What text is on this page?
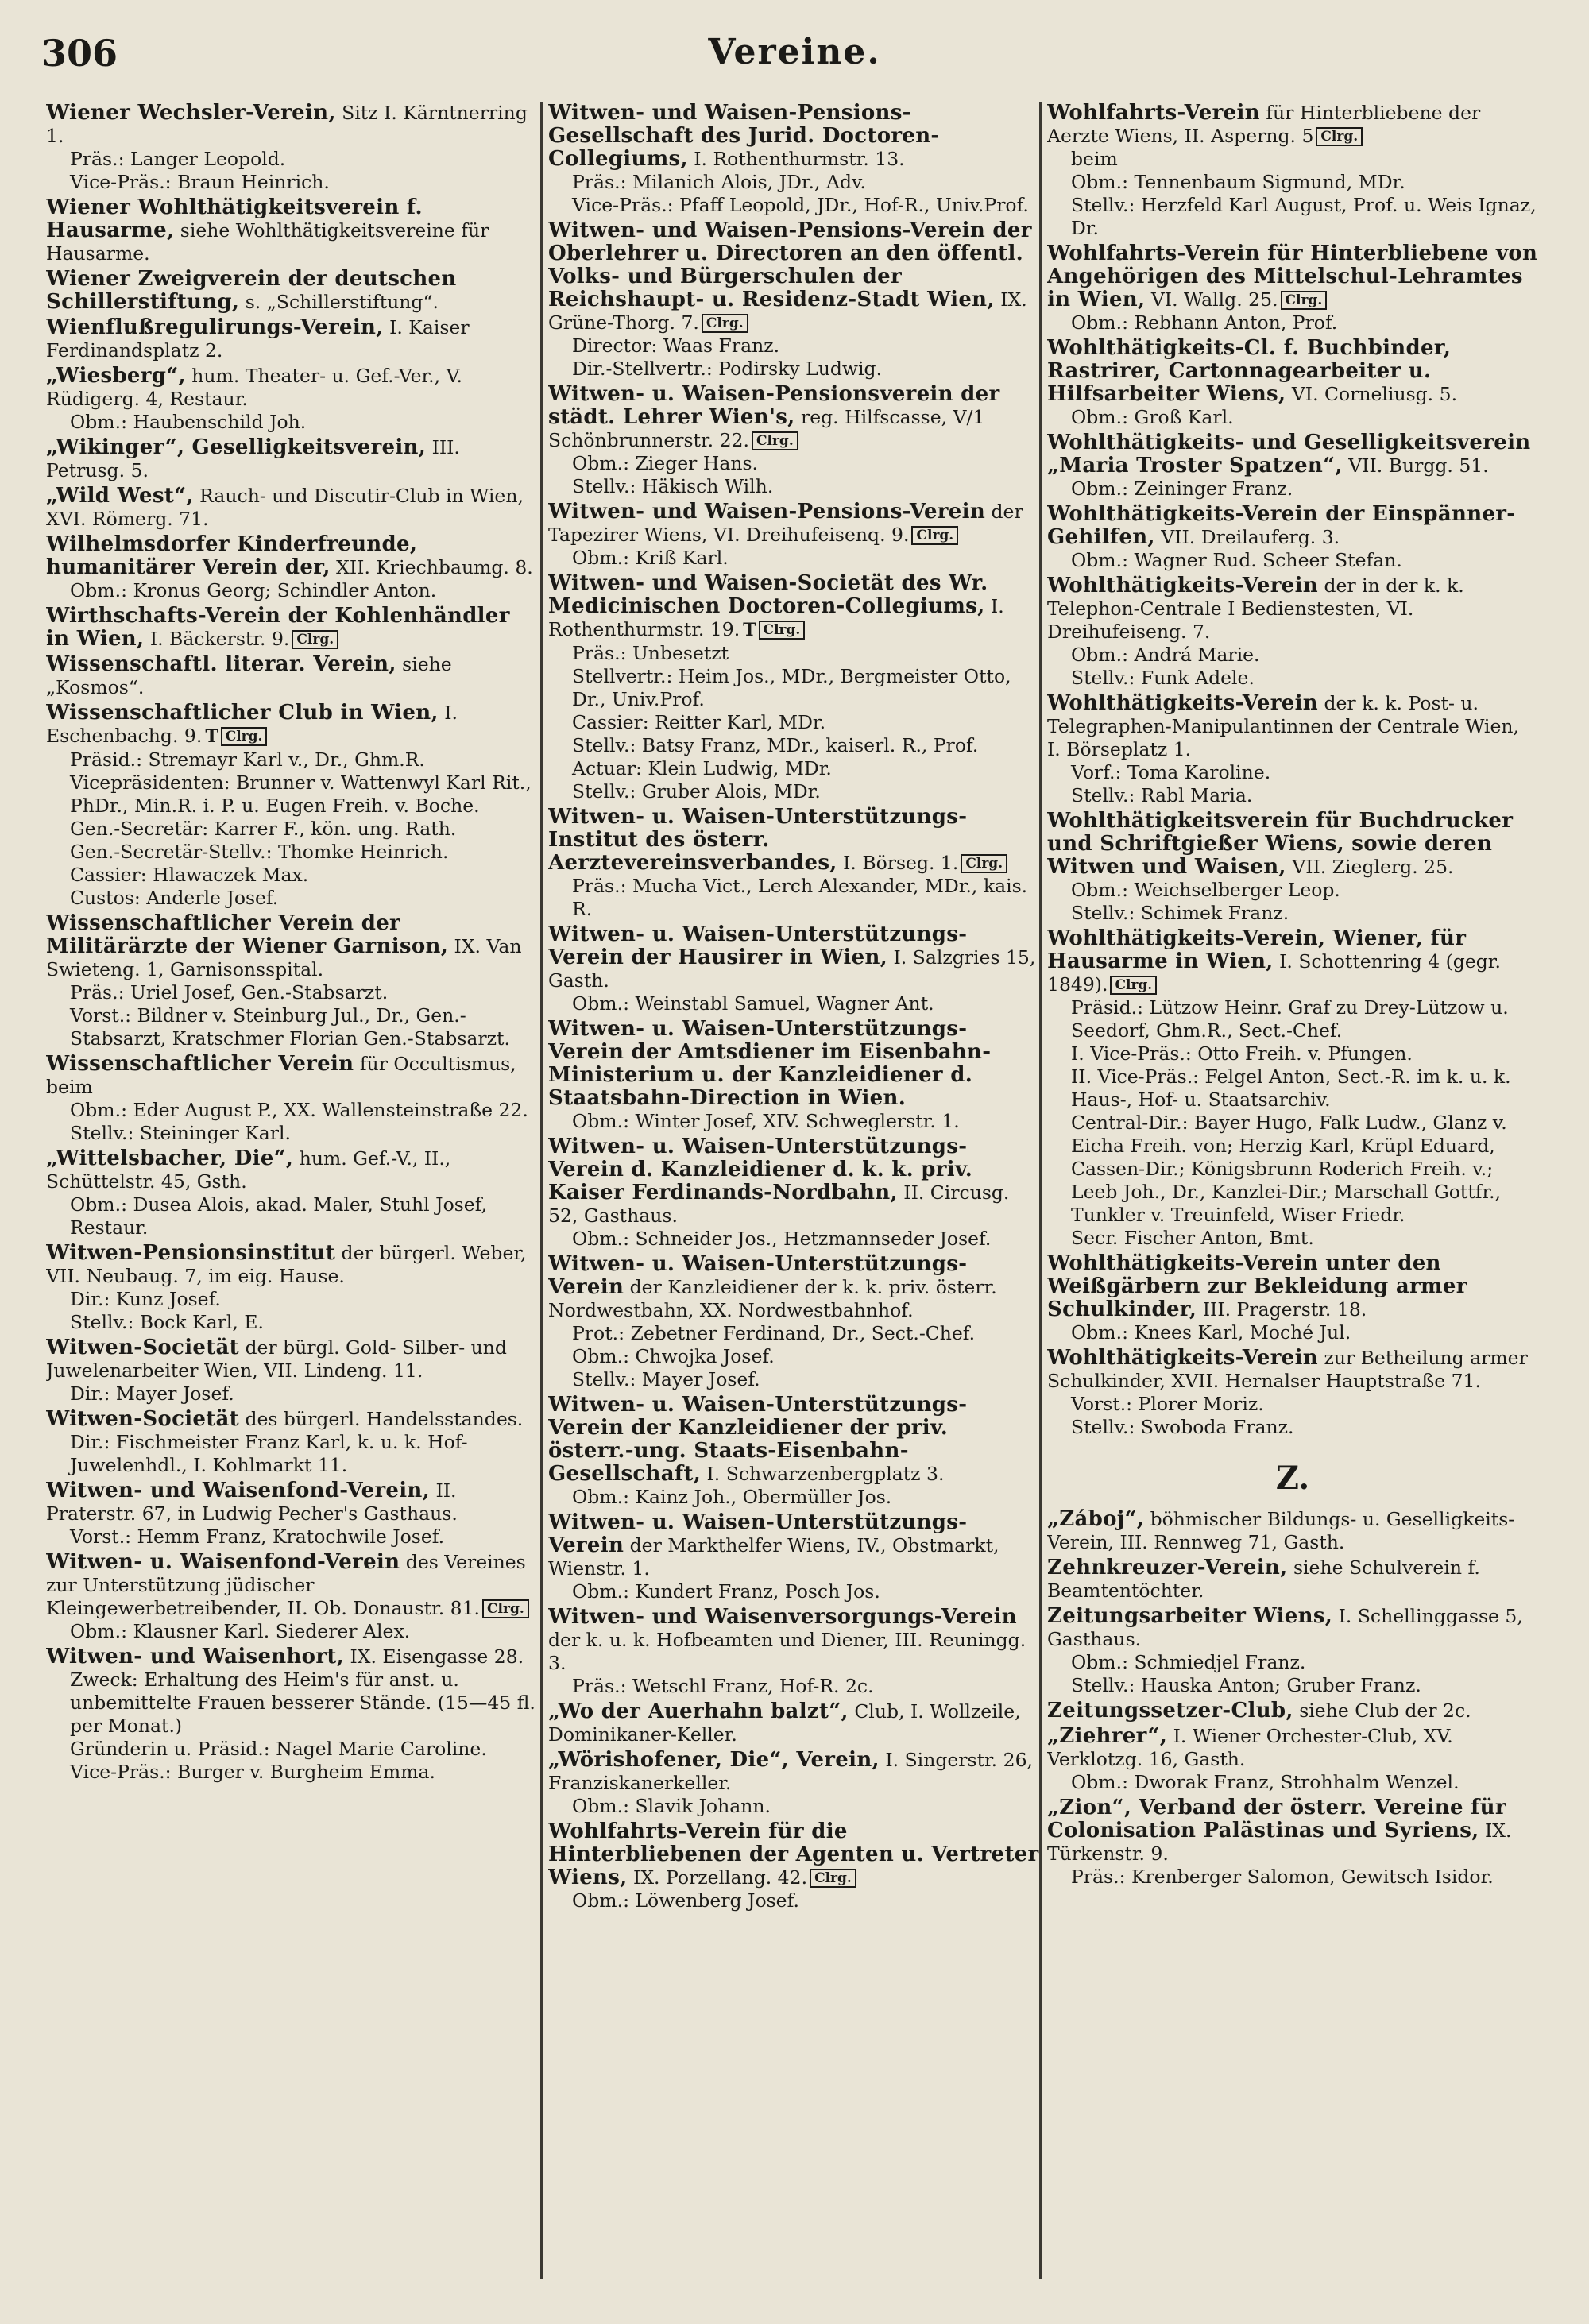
306	Vereine.

Wiener Wechsler-Verein, Sitz I. Kärntnerring 1.

Präs.: Langer Leopold.

Vice-Präs.: Braun Heinrich.

Wiener Wohlthätigkeitsverein f. Hausarme, siehe Wohlthätigkeitsvereine für Hausarme.

Wiener Zweigverein der deutschen Schillerstiftung, s. „Schillerstiftung“.

Wienflußregulirungs-Verein, I. Kaiser Ferdinandsplatz 2.

„Wiesberg“, hum. Theater- u. Gef.-Ver., V. Rüdigerg. 4, Restaur.

Obm.: Haubenschild Joh.

„Wikinger“, Geselligkeitsverein, III. Petrusg. 5.

„Wild West“, Rauch- und Discutir-Club in Wien, XVI. Römerg. 71.

Wilhelmsdorfer Kinderfreunde, humanitärer Verein der, XII. Kriechbaumg. 8.

Obm.: Kronus Georg; Schindler Anton.

Wirthschafts-Verein der Kohlenhändler in Wien, I. Bäckerstr. 9. Clrg.

Wissenschaftl. literar. Verein, siehe „Kosmos“.

Wissenschaftlicher Club in Wien, I. Eschenbachg. 9. T Clrg.

Präsid.: Stremayr Karl v., Dr., Ghm.R.

Vicepräsidenten: Brunner v. Wattenwyl Karl Rit., PhDr., Min.R. i. P. u. Eugen Freih. v. Boche.

Gen.-Secretär: Karrer F., kön. ung. Rath.

Gen.-Secretär-Stellv.: Thomke Heinrich.

Cassier: Hlawaczek Max.

Custos: Anderle Josef.

Wissenschaftlicher Verein der Militärärzte der Wiener Garnison, IX. Van Swieteng. 1, Garnisonsspital.

Präs.: Uriel Josef, Gen.-Stabsarzt.

Vorst.: Bildner v. Steinburg Jul., Dr., Gen.-Stabsarzt, Kratschmer Florian Gen.-Stabsarzt.

Wissenschaftlicher Verein für Occultismus, beim

Obm.: Eder August P., XX. Wallensteinstraße 22.

Stellv.: Steininger Karl.

„Wittelsbacher, Die“, hum. Gef.-V., II., Schüttelstr. 45, Gsth.

Obm.: Dusea Alois, akad. Maler, Stuhl Josef, Restaur.

Witwen-Pensionsinstitut der bürgerl. Weber, VII. Neubaug. 7, im eig. Hause.

Dir.: Kunz Josef.

Stellv.: Bock Karl, E.

Witwen-Societät der bürgl. Gold- Silber- und Juwelenarbeiter Wien, VII. Lindeng. 11.

Dir.: Mayer Josef.

Witwen-Societät des bürgerl. Handelsstandes.

Dir.: Fischmeister Franz Karl, k. u. k. Hof-Juwelenhdl., I. Kohlmarkt 11.

Witwen- und Waisenfond-Verein, II. Praterstr. 67, in Ludwig Pecher's Gasthaus.

Vorst.: Hemm Franz, Kratochwile Josef.

Witwen- u. Waisenfond-Verein des Vereines zur Unterstützung jüdischer Kleingewerbetreibender, II. Ob. Donaustr. 81. Clrg.

Obm.: Klausner Karl. Siederer Alex.

Witwen- und Waisenhort, IX. Eisengasse 28.

Zweck: Erhaltung des Heim's für anst. u. unbemittelte Frauen besserer Stände. (15—45 fl. per Monat.)

Gründerin u. Präsid.: Nagel Marie Caroline.

Vice-Präs.: Burger v. Burgheim Emma.

Witwen- und Waisen-Pensions-Gesellschaft des Jurid. Doctoren-Collegiums, I. Rothenthurmstr. 13.

Präs.: Milanich Alois, JDr., Adv.

Vice-Präs.: Pfaff Leopold, JDr., Hof-R., Univ.Prof.

Witwen- und Waisen-Pensions-Verein der Oberlehrer u. Directoren an den öffentl. Volks- und Bürgerschulen der Reichshaupt- u. Residenz-Stadt Wien, IX. Grüne-Thorg. 7. Clrg.

Director: Waas Franz.

Dir.-Stellvertr.: Podirsky Ludwig.

Witwen- u. Waisen-Pensionsverein der städt. Lehrer Wien's, reg. Hilfscasse, V/1 Schönbrunnerstr. 22. Clrg.

Obm.: Zieger Hans.

Stellv.: Häkisch Wilh.

Witwen- und Waisen-Pensions-Verein der Tapezirer Wiens, VI. Dreihufeisenq. 9. Clrg.

Obm.: Kriß Karl.

Witwen- und Waisen-Societät des Wr. Medicinischen Doctoren-Collegiums, I. Rothenthurmstr. 19. T Clrg.

Präs.: Unbesetzt

Stellvertr.: Heim Jos., MDr., Bergmeister Otto, Dr., Univ.Prof.

Cassier: Reitter Karl, MDr.

Stellv.: Batsy Franz, MDr., kaiserl. R., Prof.

Actuar: Klein Ludwig, MDr.

Stellv.: Gruber Alois, MDr.

Witwen- u. Waisen-Unterstützungs-Institut des österr. Aerztevereinsverbandes, I. Börseg. 1. Clrg.

Präs.: Mucha Vict., Lerch Alexander, MDr., kais. R.

Witwen- u. Waisen-Unterstützungs-Verein der Hausirer in Wien, I. Salzgries 15, Gasth.

Obm.: Weinstabl Samuel, Wagner Ant.

Witwen- u. Waisen-Unterstützungs-Verein der Amtsdiener im Eisenbahn-Ministerium u. der Kanzleidiener d. Staatsbahn-Direction in Wien.

Obm.: Winter Josef, XIV. Schweglerstr. 1.

Witwen- u. Waisen-Unterstützungs-Verein d. Kanzleidiener d. k. k. priv. Kaiser Ferdinands-Nordbahn, II. Circusg. 52, Gasthaus.

Obm.: Schneider Jos., Hetzmannseder Josef.

Witwen- u. Waisen-Unterstützungs-Verein der Kanzleidiener der k. k. priv. österr. Nordwestbahn, XX. Nordwestbahnhof.

Prot.: Zebetner Ferdinand, Dr., Sect.-Chef.

Obm.: Chwojka Josef.

Stellv.: Mayer Josef.

Witwen- u. Waisen-Unterstützungs-Verein der Kanzleidiener der priv. österr.-ung. Staats-Eisenbahn-Gesellschaft, I. Schwarzenbergplatz 3.

Obm.: Kainz Joh., Obermüller Jos.

Witwen- u. Waisen-Unterstützungs-Verein der Markthelfer Wiens, IV., Obstmarkt, Wienstr. 1.

Obm.: Kundert Franz, Posch Jos.

Witwen- und Waisenversorgungs-Verein der k. u. k. Hofbeamten und Diener, III. Reuningg. 3.

Präs.: Wetschl Franz, Hof-R. 2c.

„Wo der Auerhahn balzt“, Club, I. Wollzeile, Dominikaner-Keller.

„Wörishofener, Die“, Verein, I. Singerstr. 26, Franziskanerkeller.

Obm.: Slavik Johann.

Wohlfahrts-Verein für die Hinterbliebenen der Agenten u. Vertreter Wiens, IX. Porzellang. 42. Clrg.

Obm.: Löwenberg Josef.

Wohlfahrts-Verein für Hinterbliebene der Aerzte Wiens, II. Asperng. 5 Clrg.

beim

Obm.: Tennenbaum Sigmund, MDr.

Stellv.: Herzfeld Karl August, Prof. u. Weis Ignaz, Dr.

Wohlfahrts-Verein für Hinterbliebene von Angehörigen des Mittelschul-Lehramtes in Wien, VI. Wallg. 25. Clrg.

Obm.: Rebhann Anton, Prof.

Wohlthätigkeits-Cl. f. Buchbinder, Rastrirer, Cartonnagearbeiter u. Hilfsarbeiter Wiens, VI. Corneliusg. 5.

Obm.: Groß Karl.

Wohlthätigkeits- und Geselligkeitsverein „Maria Troster Spatzen“, VII. Burgg. 51.

Obm.: Zeininger Franz.

Wohlthätigkeits-Verein der Einspänner-Gehilfen, VII. Dreilauferg. 3.

Obm.: Wagner Rud. Scheer Stefan.

Wohlthätigkeits-Verein der in der k. k. Telephon-Centrale I Bedienstesten, VI. Dreihufeiseng. 7.

Obm.: Andrá Marie.

Stellv.: Funk Adele.

Wohlthätigkeits-Verein der k. k. Post- u. Telegraphen-Manipulantinnen der Centrale Wien, I. Börseplatz 1.

Vorf.: Toma Karoline.

Stellv.: Rabl Maria.

Wohlthätigkeitsverein für Buchdrucker und Schriftgießer Wiens, sowie deren Witwen und Waisen, VII. Zieglerg. 25.

Obm.: Weichselberger Leop.

Stellv.: Schimek Franz.

Wohlthätigkeits-Verein, Wiener, für Hausarme in Wien, I. Schottenring 4 (gegr. 1849). Clrg.

Präsid.: Lützow Heinr. Graf zu Drey-Lützow u. Seedorf, Ghm.R., Sect.-Chef.

I. Vice-Präs.: Otto Freih. v. Pfungen.

II. Vice-Präs.: Felgel Anton, Sect.-R. im k. u. k. Haus-, Hof- u. Staatsarchiv.

Central-Dir.: Bayer Hugo, Falk Ludw., Glanz v. Eicha Freih. von; Herzig Karl, Krüpl Eduard, Cassen-Dir.; Königsbrunn Roderich Freih. v.; Leeb Joh., Dr., Kanzlei-Dir.; Marschall Gottfr., Tunkler v. Treuinfeld, Wiser Friedr.

Secr. Fischer Anton, Bmt.

Wohlthätigkeits-Verein unter den Weißgärbern zur Bekleidung armer Schulkinder, III. Pragerstr. 18.

Obm.: Knees Karl, Moché Jul.

Wohlthätigkeits-Verein zur Betheilung armer Schulkinder, XVII. Hernalser Hauptstraße 71.

Vorst.: Plorer Moriz.

Stellv.: Swoboda Franz.

Z.

„Záboj“, böhmischer Bildungs- u. Geselligkeits-Verein, III. Rennweg 71, Gasth.

Zehnkreuzer-Verein, siehe Schulverein f. Beamtentöchter.

Zeitungsarbeiter Wiens, I. Schellinggasse 5, Gasthaus.

Obm.: Schmiedjel Franz.

Stellv.: Hauska Anton; Gruber Franz.

Zeitungssetzer-Club, siehe Club der 2c.

„Ziehrer“, I. Wiener Orchester-Club, XV. Verklotzg. 16, Gasth.

Obm.: Dworak Franz, Strohhalm Wenzel.

„Zion“, Verband der österr. Vereine für Colonisation Palästinas und Syriens, IX. Türkenstr. 9.

Präs.: Krenberger Salomon, Gewitsch Isidor.
